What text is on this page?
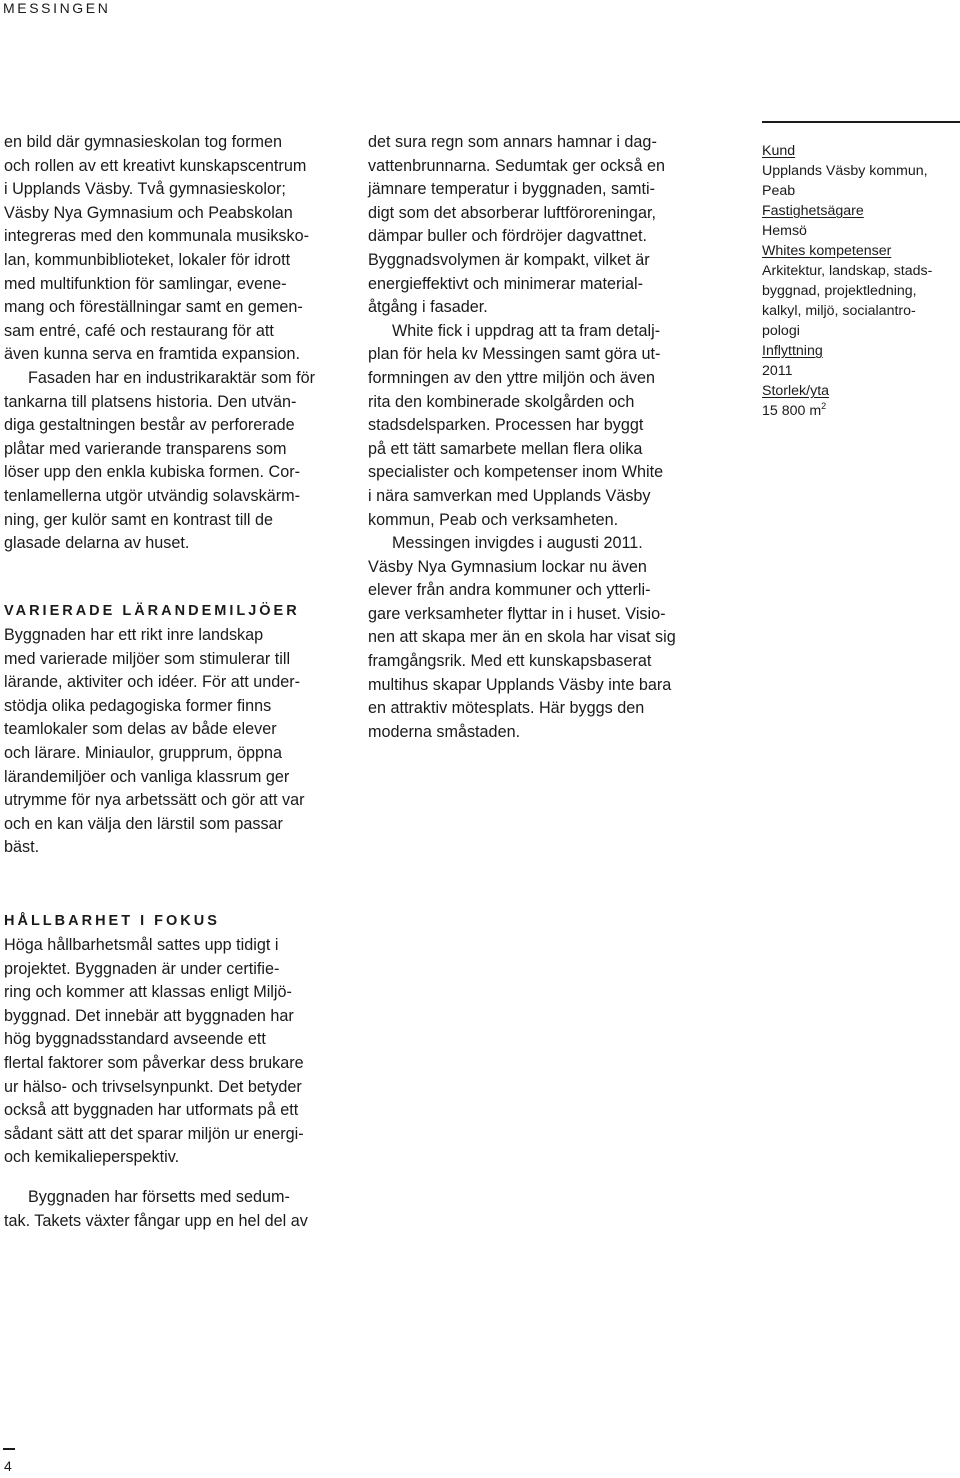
MESSINGEN

en bild där gymnasieskolan tog formen
och rollen av ett kreativt kunskapscentrum
i Upplands Väsby. Två gymnasieskolor;
Väsby Nya Gymnasium och Peabskolan
integreras med den kommunala musiksko-
lan, kommunbiblioteket, lokaler för idrott
med multifunktion för samlingar, evene-
mang och föreställningar samt en gemen-
sam entré, café och restaurang för att
även kunna serva en framtida expansion.

Fasaden har en industrikaraktär som för
tankarna till platsens historia. Den utvän-
diga gestaltningen består av perforerade
plåtar med varierande transparens som
löser upp den enkla kubiska formen. Cor-
tenlamellerna utgör utvändig solavskärm-
ning, ger kulör samt en kontrast till de
glasade delarna av huset.

VARIERADE LÄRANDEMILJÖER

Byggnaden har ett rikt inre landskap
med varierade miljöer som stimulerar till
lärande, aktiviter och idéer. För att under-
stödja olika pedagogiska former finns
teamlokaler som delas av både elever
och lärare. Miniaulor, grupprum, öppna
lärandemiljöer och vanliga klassrum ger
utrymme för nya arbetssätt och gör att var
och en kan välja den lärstil som passar
bäst.

HÅLLBARHET I FOKUS

Höga hållbarhetsmål sattes upp tidigt i
projektet. Byggnaden är under certifie-
ring och kommer att klassas enligt Miljö-
byggnad. Det innebär att byggnaden har
hög byggnadsstandard avseende ett
flertal faktorer som påverkar dess brukare
ur hälso- och trivselsynpunkt. Det betyder
också att byggnaden har utformats på ett
sådant sätt att det sparar miljön ur energi-
och kemikalieperspektiv.

Byggnaden har försetts med sedum-
tak. Takets växter fångar upp en hel del av

det sura regn som annars hamnar i dag-
vattenbrunnarna. Sedumtak ger också en
jämnare temperatur i byggnaden, samti-
digt som det absorberar luftföroreningar,
dämpar buller och fördröjer dagvattnet.
Byggnadsvolymen är kompakt, vilket är
energieffektivt och minimerar material-
åtgång i fasader.

White fick i uppdrag att ta fram detalj-
plan för hela kv Messingen samt göra ut-
formningen av den yttre miljön och även
rita den kombinerade skolgården och
stadsdelsparken. Processen har byggt
på ett tätt samarbete mellan flera olika
specialister och kompetenser inom White
i nära samverkan med Upplands Väsby
kommun, Peab och verksamheten.

Messingen invigdes i augusti 2011.
Väsby Nya Gymnasium lockar nu även
elever från andra kommuner och ytterli-
gare verksamheter flyttar in i huset. Visio-
nen att skapa mer än en skola har visat sig
framgångsrik. Med ett kunskapsbaserat
multihus skapar Upplands Väsby inte bara
en attraktiv mötesplats. Här byggs den
moderna småstaden.

Kund

Upplands Väsby kommun,
Peab

Fastighetsägare

Hemsö

Whites kompetenser

Arkitektur, landskap, stads-
byggnad, projektledning,
kalkyl, miljö, socialantro-
pologi

Inflyttning

2011

Storlek/yta

15 800 $m^2$

4
